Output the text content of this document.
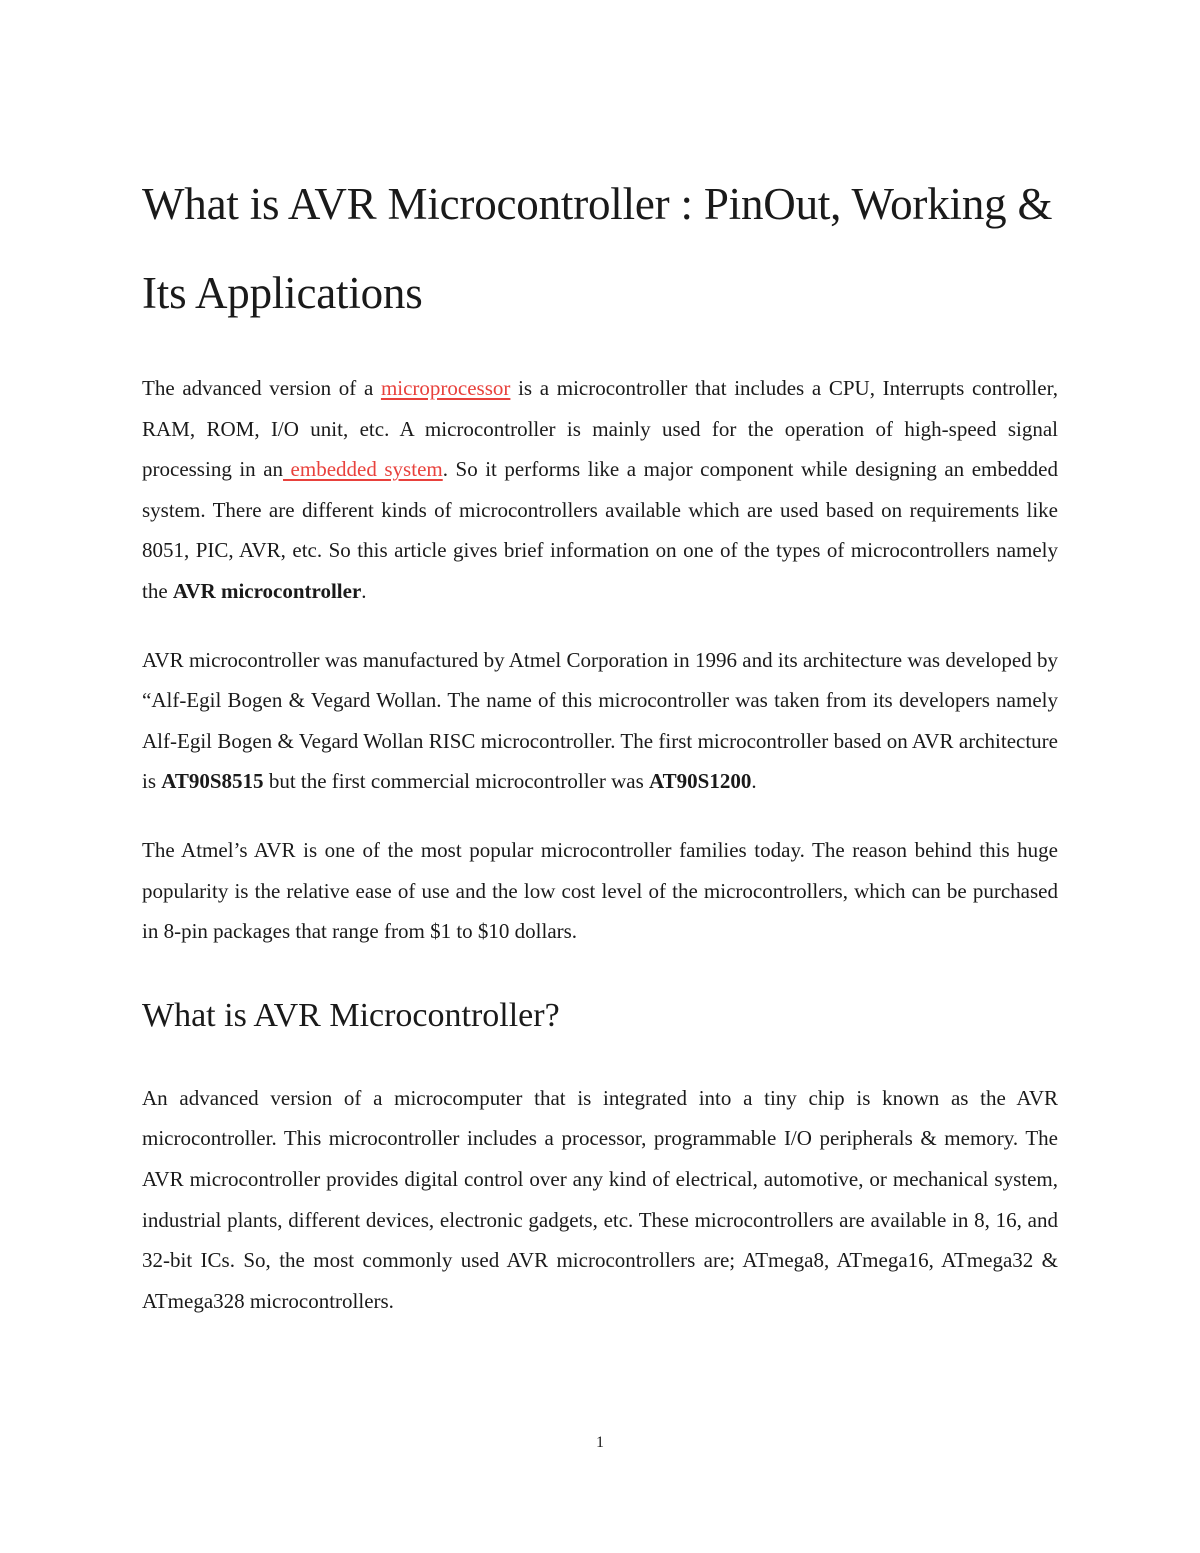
What is AVR Microcontroller : PinOut, Working & Its Applications

The advanced version of a microprocessor is a microcontroller that includes a CPU, Interrupts controller, RAM, ROM, I/O unit, etc. A microcontroller is mainly used for the operation of high-speed signal processing in an embedded system. So it performs like a major component while designing an embedded system. There are different kinds of microcontrollers available which are used based on requirements like 8051, PIC, AVR, etc. So this article gives brief information on one of the types of microcontrollers namely the AVR microcontroller.

AVR microcontroller was manufactured by Atmel Corporation in 1996 and its architecture was developed by “Alf-Egil Bogen & Vegard Wollan. The name of this microcontroller was taken from its developers namely Alf-Egil Bogen & Vegard Wollan RISC microcontroller. The first microcontroller based on AVR architecture is AT90S8515 but the first commercial microcontroller was AT90S1200.

The Atmel’s AVR is one of the most popular microcontroller families today. The reason behind this huge popularity is the relative ease of use and the low cost level of the microcontrollers, which can be purchased in 8-pin packages that range from $1 to $10 dollars.

What is AVR Microcontroller?

An advanced version of a microcomputer that is integrated into a tiny chip is known as the AVR microcontroller. This microcontroller includes a processor, programmable I/O peripherals & memory. The AVR microcontroller provides digital control over any kind of electrical, automotive, or mechanical system, industrial plants, different devices, electronic gadgets, etc. These microcontrollers are available in 8, 16, and 32-bit ICs. So, the most commonly used AVR microcontrollers are; ATmega8, ATmega16, ATmega32 & ATmega328 microcontrollers.

1
